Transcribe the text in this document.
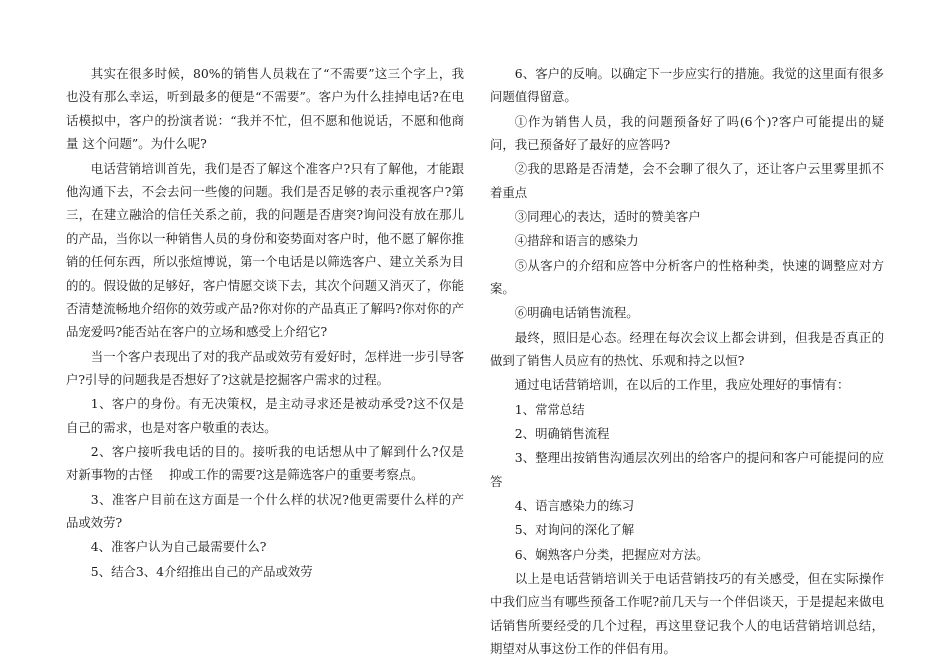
其实在很多时候，80%的销售人员栽在了“不需要”这三个字上，我也没有那么幸运，听到最多的便是“不需要”。客户为什么挂掉电话?在电话模拟中，客户的扮演者说：“我并不忙，但不愿和他说话，不愿和他商量 这个问题”。为什么呢?

电话营销培训首先，我们是否了解这个准客户?只有了解他，才能跟他沟通下去，不会去问一些傻的问题。我们是否足够的表示重视客户?第三，在建立融洽的信任关系之前，我的问题是否唐突?询问没有放在那儿的产品，当你以一种销售人员的身份和姿势面对客户时，他不愿了解你推销的任何东西，所以张煊博说，第一个电话是以筛选客户、建立关系为目的的。假设做的足够好，客户情愿交谈下去，其次个问题又消灭了，你能否清楚流畅地介绍你的效劳或产品?你对你的产品真正了解吗?你对你的产品宠爱吗?能否站在客户的立场和感受上介绍它?

当一个客户表现出了对的我产品或效劳有爱好时，怎样进一步引导客户?引导的问题我是否想好了?这就是挖掘客户需求的过程。

1、客户的身份。有无决策权，是主动寻求还是被动承受?这不仅是自己的需求，也是对客户敬重的表达。

2、客户接听我电话的目的。接听我的电话想从中了解到什么?仅是对新事物的古怪　 抑或工作的需要?这是筛选客户的重要考察点。

3、准客户目前在这方面是一个什么样的状况?他更需要什么样的产品或效劳?

4、准客户认为自己最需要什么?

5、结合3、4介绍推出自己的产品或效劳

6、客户的反响。以确定下一步应实行的措施。我觉的这里面有很多问题值得留意。

①作为销售人员，我的问题预备好了吗(6个)?客户可能提出的疑问，我已预备好了最好的应答吗?

②我的思路是否清楚，会不会聊了很久了，还让客户云里雾里抓不着重点

③同理心的表达，适时的赞美客户

④措辞和语言的感染力

⑤从客户的介绍和应答中分析客户的性格种类，快速的调整应对方案。

⑥明确电话销售流程。

最终，照旧是心态。经理在每次会议上都会讲到，但我是否真正的做到了销售人员应有的热忱、乐观和持之以恒?

通过电话营销培训，在以后的工作里，我应处理好的事情有：

1、常常总结

2、明确销售流程

3、整理出按销售沟通层次列出的给客户的提问和客户可能提问的应答

4、语言感染力的练习

5、对询问的深化了解

6、娴熟客户分类，把握应对方法。

以上是电话营销培训关于电话营销技巧的有关感受，但在实际操作中我们应当有哪些预备工作呢?前几天与一个伴侣谈天，于是提起来做电话销售所要经受的几个过程，再这里登记我个人的电话营销培训总结，期望对从事这份工作的伴侣有用。
